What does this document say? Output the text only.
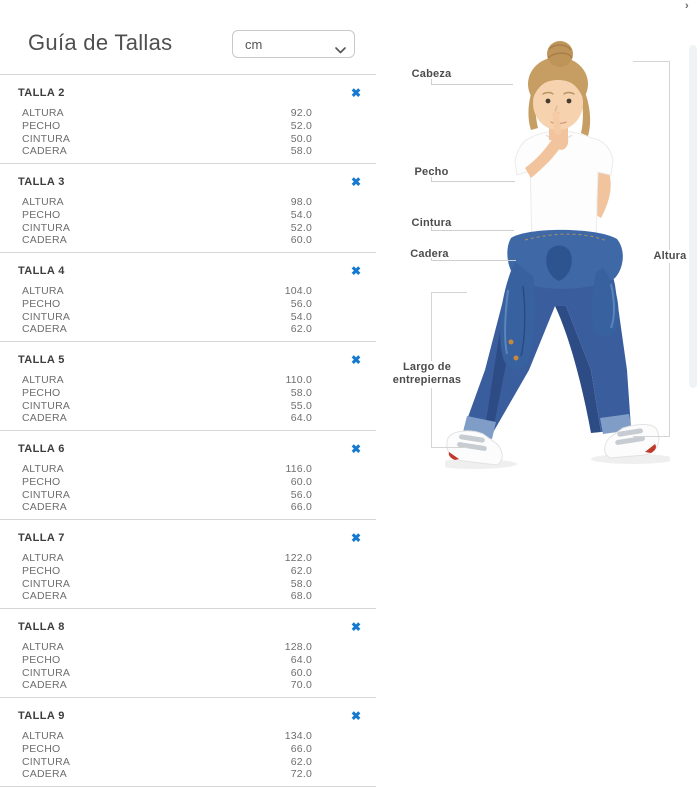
Guía de Tallas
cm
TALLA 2	✖
ALTURA	92.0
PECHO	52.0
CINTURA	50.0
CADERA	58.0
TALLA 3	✖
ALTURA	98.0
PECHO	54.0
CINTURA	52.0
CADERA	60.0
TALLA 4	✖
ALTURA	104.0
PECHO	56.0
CINTURA	54.0
CADERA	62.0
TALLA 5	✖
ALTURA	110.0
PECHO	58.0
CINTURA	55.0
CADERA	64.0
TALLA 6	✖
ALTURA	116.0
PECHO	60.0
CINTURA	56.0
CADERA	66.0
TALLA 7	✖
ALTURA	122.0
PECHO	62.0
CINTURA	58.0
CADERA	68.0
TALLA 8	✖
ALTURA	128.0
PECHO	64.0
CINTURA	60.0
CADERA	70.0
TALLA 9	✖
ALTURA	134.0
PECHO	66.0
CINTURA	62.0
CADERA	72.0
Cabeza
Pecho
Cintura
Cadera	Altura
Largo de entrepiernas
›
